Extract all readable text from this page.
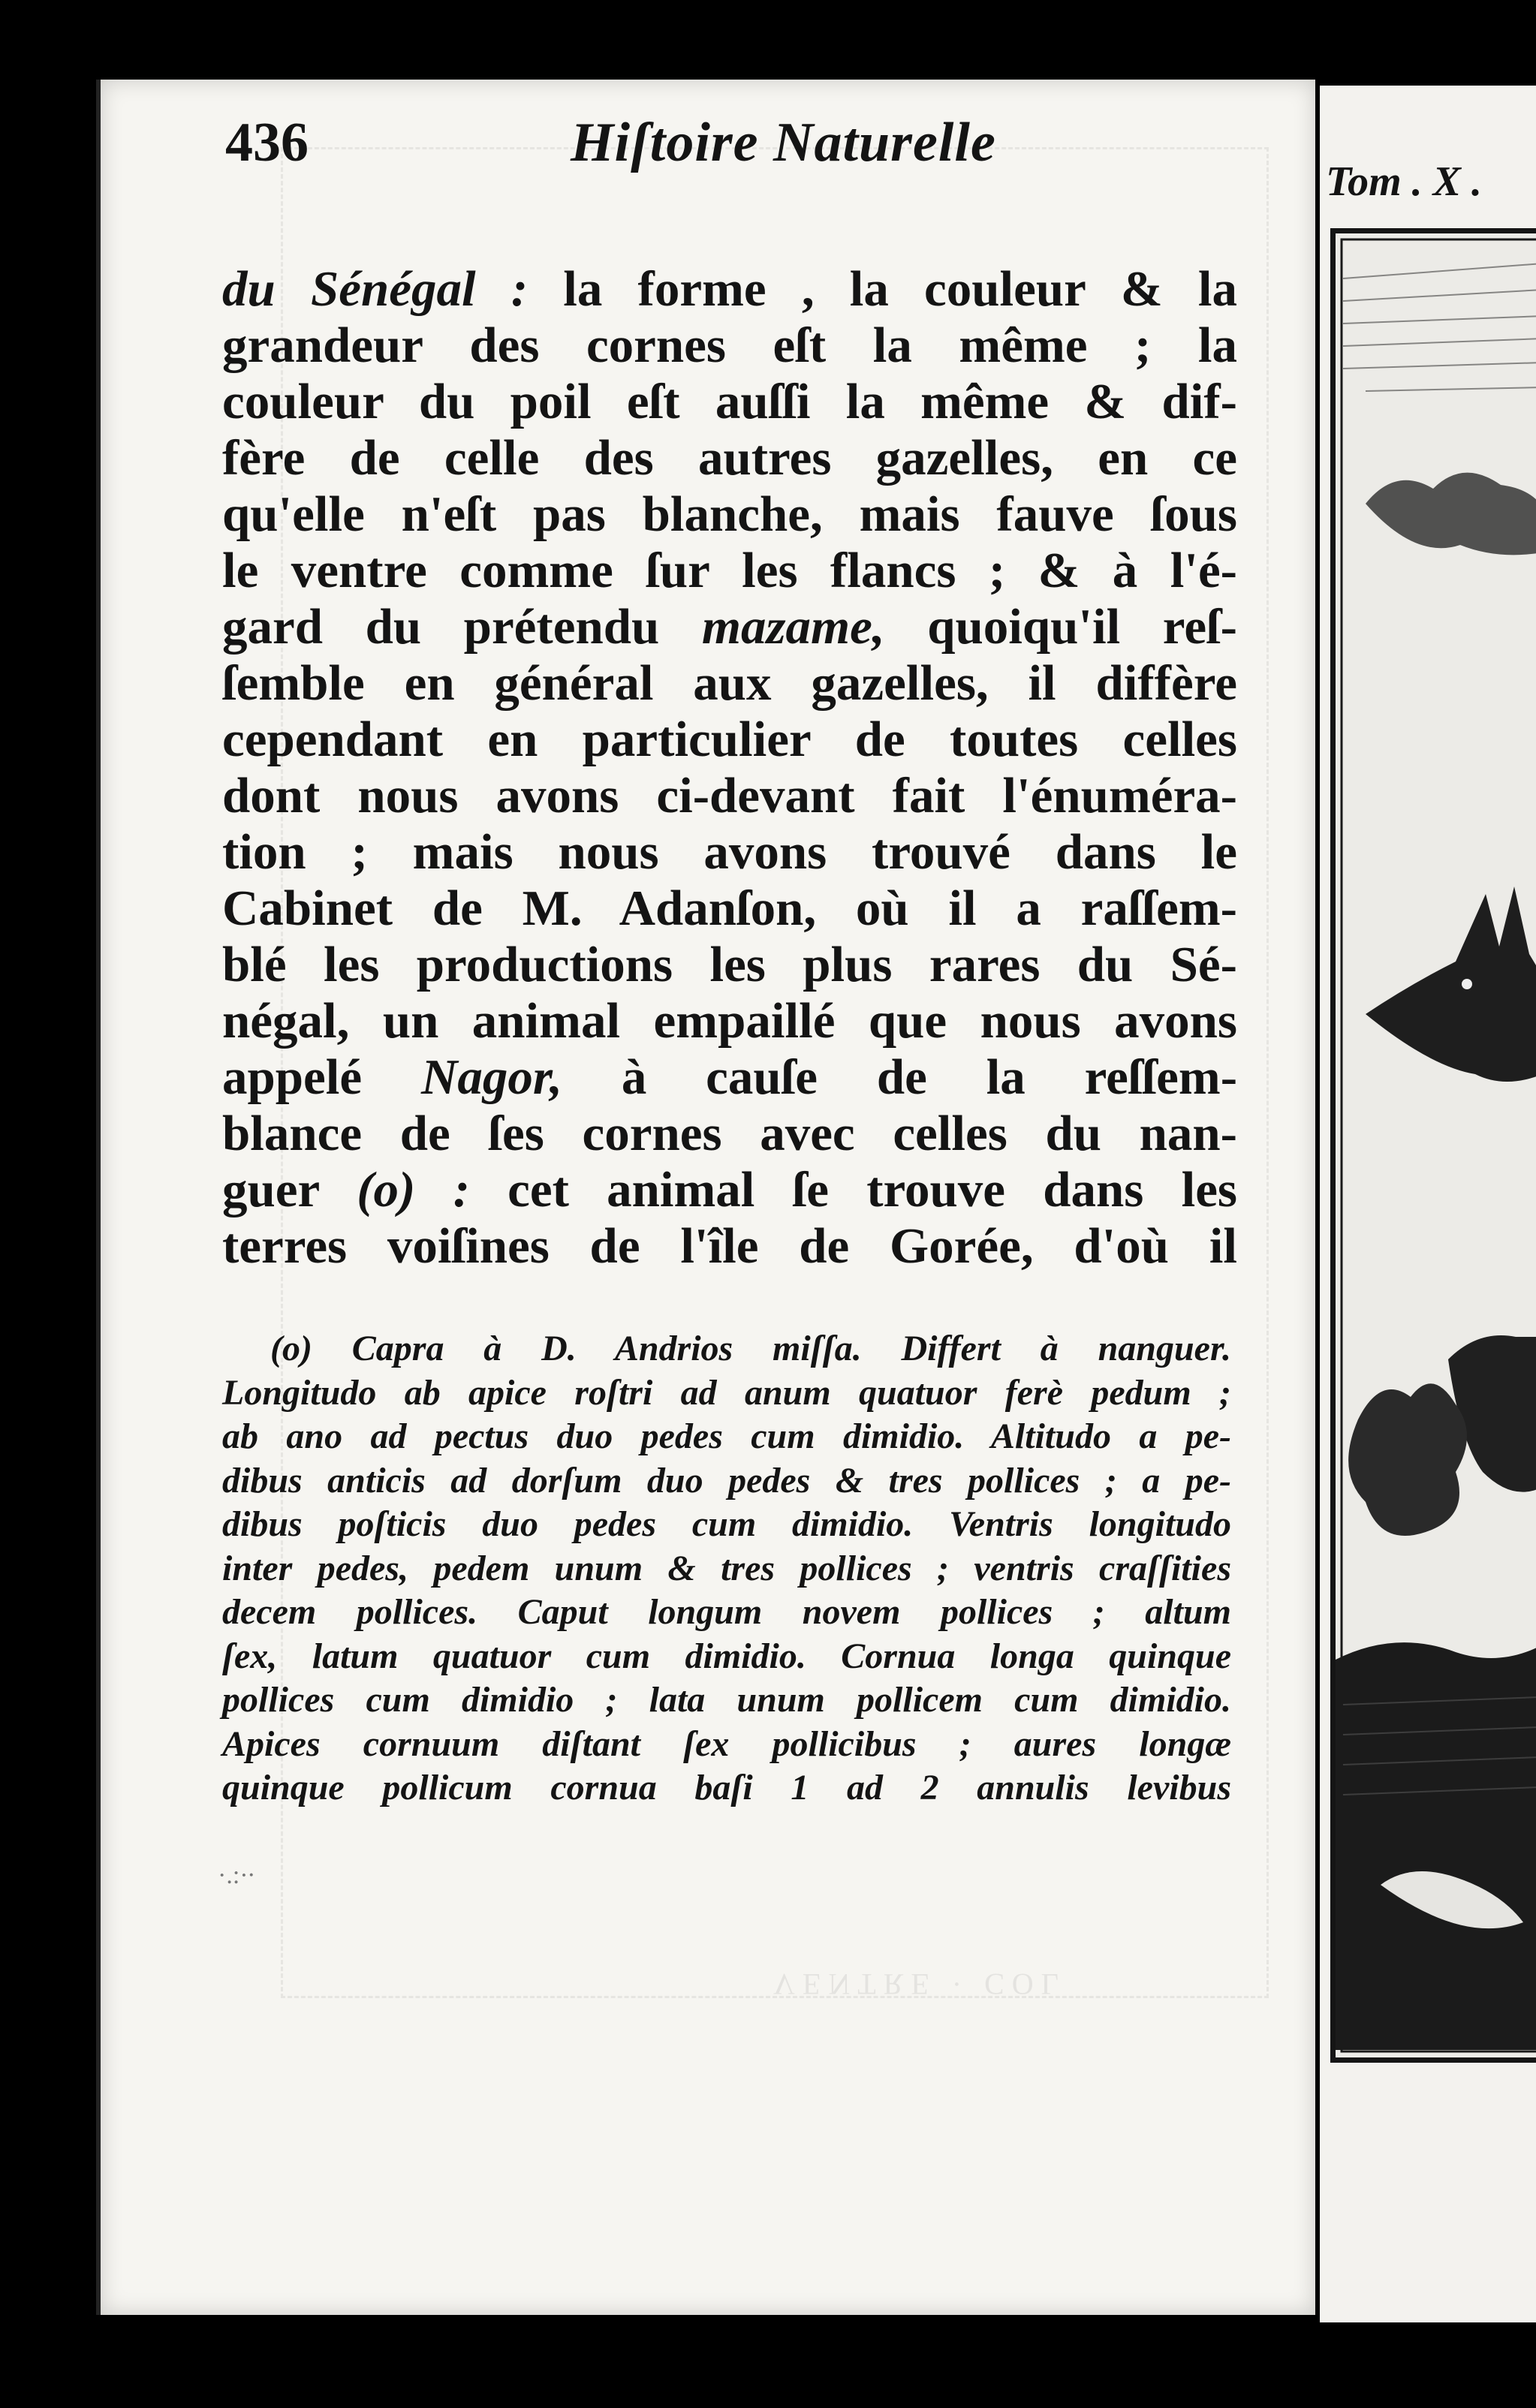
436	Hiſtoire Naturelle
du Sénégal : la forme , la couleur & la
grandeur des cornes eſt la même ; la
couleur du poil eſt auſſi la même & dif-
fère de celle des autres gazelles, en ce
qu'elle n'eſt pas blanche, mais fauve ſous
le ventre comme ſur les flancs ; & à l'é-
gard du prétendu mazame, quoiqu'il reſ-
ſemble en général aux gazelles, il diffère
cependant en particulier de toutes celles
dont nous avons ci-devant fait l'énuméra-
tion ; mais nous avons trouvé dans le
Cabinet de M. Adanſon, où il a raſſem-
blé les productions les plus rares du Sé-
négal, un animal empaillé que nous avons
appelé Nagor, à cauſe de la reſſem-
blance de ſes cornes avec celles du nan-
guer (o) : cet animal ſe trouve dans les
terres voiſines de l'île de Gorée, d'où il
(o) Capra à D. Andrios miſſa. Differt à nanguer.
Longitudo ab apice roſtri ad anum quatuor ferè pedum ;
ab ano ad pectus duo pedes cum dimidio. Altitudo a pe-
dibus anticis ad dorſum duo pedes & tres pollices ; a pe-
dibus poſticis duo pedes cum dimidio. Ventris longitudo
inter pedes, pedem unum & tres pollices ; ventris craſſities
decem pollices. Caput longum novem pollices ; altum
ſex, latum quatuor cum dimidio. Cornua longa quinque
pollices cum dimidio ; lata unum pollicem cum dimidio.
Apices cornuum diſtant ſex pollicibus ; aures longæ
quinque pollicum cornua baſi 1 ad 2 annulis levibus
Tom . X .
VENTRE · COL
·.:·∙
